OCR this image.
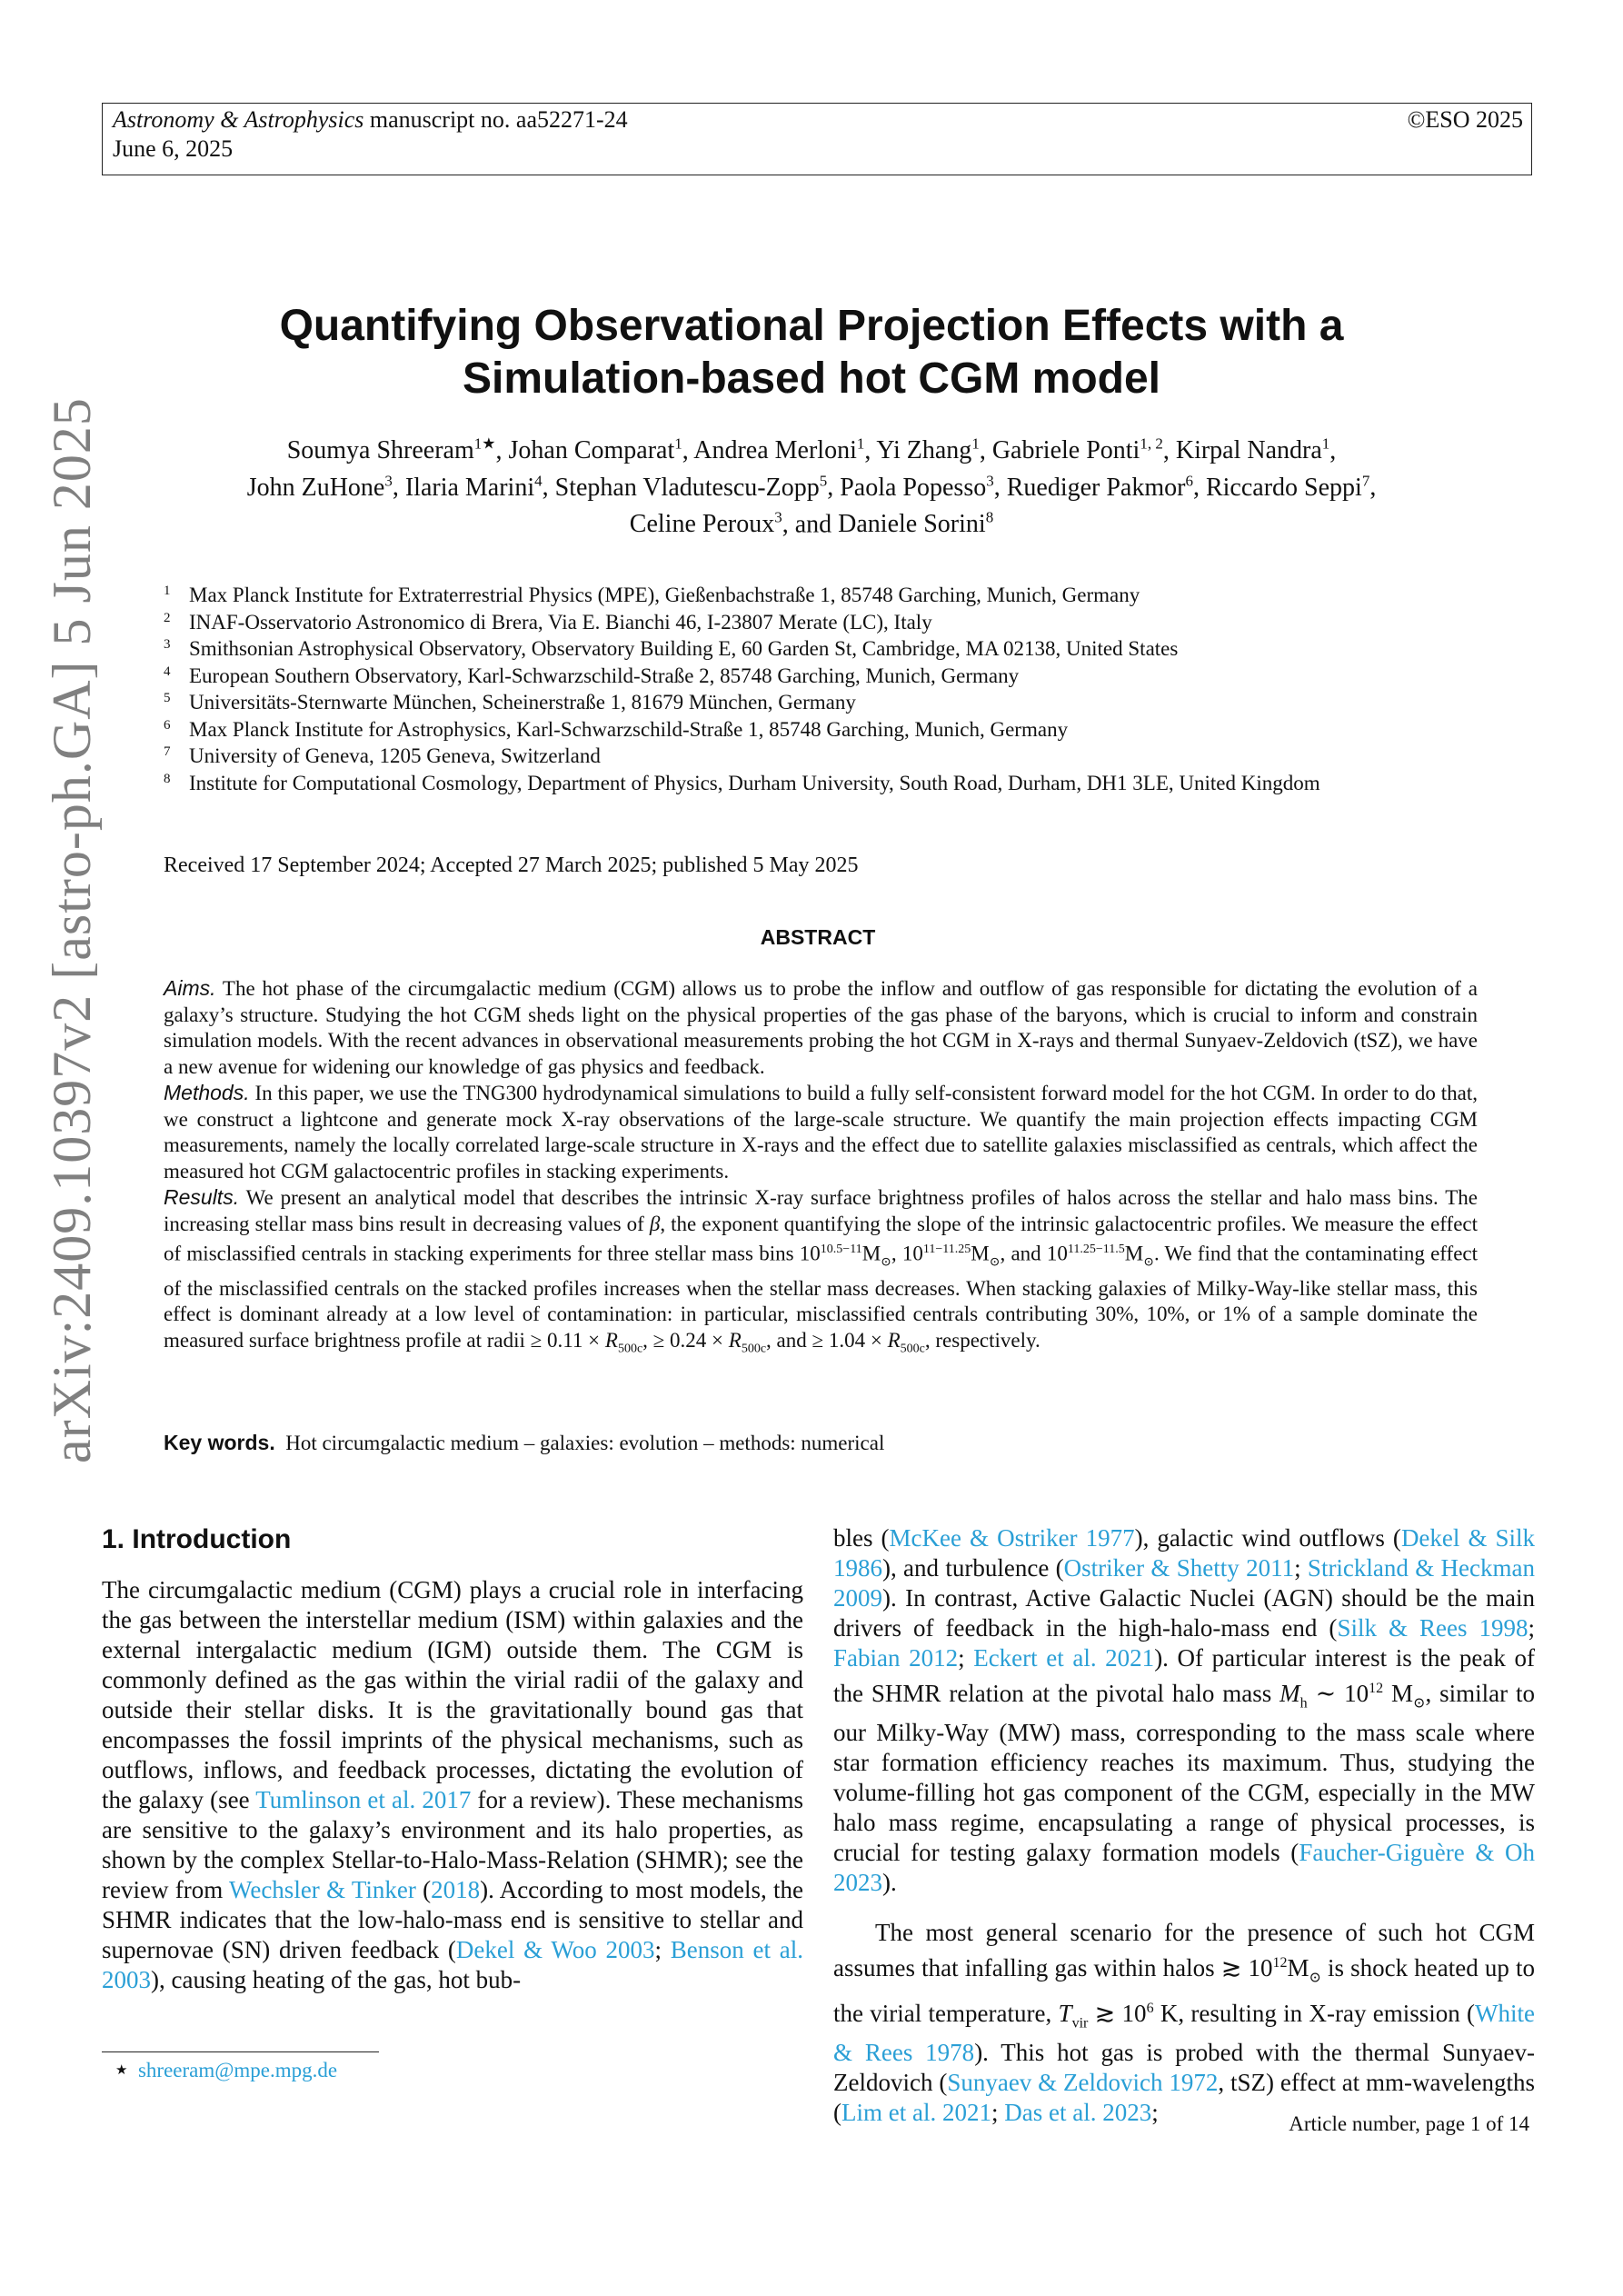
Astronomy & Astrophysics manuscript no. aa52271-24
June 6, 2025
©ESO 2025
arXiv:2409.10397v2 [astro-ph.GA] 5 Jun 2025
Quantifying Observational Projection Effects with a
Simulation-based hot CGM model
Soumya Shreeram$^{1★}$, Johan Comparat$^1$, Andrea Merloni$^1$, Yi Zhang$^1$, Gabriele Ponti$^{1, 2}$, Kirpal Nandra$^1$,
John ZuHone$^3$, Ilaria Marini$^4$, Stephan Vladutescu-Zopp$^5$, Paola Popesso$^3$, Ruediger Pakmor$^6$, Riccardo Seppi$^7$,
Celine Peroux$^3$, and Daniele Sorini$^8$
1 Max Planck Institute for Extraterrestrial Physics (MPE), Gießenbachstraße 1, 85748 Garching, Munich, Germany
2 INAF-Osservatorio Astronomico di Brera, Via E. Bianchi 46, I-23807 Merate (LC), Italy
3 Smithsonian Astrophysical Observatory, Observatory Building E, 60 Garden St, Cambridge, MA 02138, United States
4 European Southern Observatory, Karl-Schwarzschild-Straße 2, 85748 Garching, Munich, Germany
5 Universitäts-Sternwarte München, Scheinerstraße 1, 81679 München, Germany
6 Max Planck Institute for Astrophysics, Karl-Schwarzschild-Straße 1, 85748 Garching, Munich, Germany
7 University of Geneva, 1205 Geneva, Switzerland
8 Institute for Computational Cosmology, Department of Physics, Durham University, South Road, Durham, DH1 3LE, United Kingdom
Received 17 September 2024; Accepted 27 March 2025; published 5 May 2025
ABSTRACT

Aims. The hot phase of the circumgalactic medium (CGM) allows us to probe the inflow and outflow of gas responsible for dictating the evolution of a galaxy’s structure. Studying the hot CGM sheds light on the physical properties of the gas phase of the baryons, which is crucial to inform and constrain simulation models. With the recent advances in observational measurements probing the hot CGM in X-rays and thermal Sunyaev-Zeldovich (tSZ), we have a new avenue for widening our knowledge of gas physics and feedback.

Methods. In this paper, we use the TNG300 hydrodynamical simulations to build a fully self-consistent forward model for the hot CGM. In order to do that, we construct a lightcone and generate mock X-ray observations of the large-scale structure. We quantify the main projection effects impacting CGM measurements, namely the locally correlated large-scale structure in X-rays and the effect due to satellite galaxies misclassified as centrals, which affect the measured hot CGM galactocentric profiles in stacking experiments.

Results. We present an analytical model that describes the intrinsic X-ray surface brightness profiles of halos across the stellar and halo mass bins. The increasing stellar mass bins result in decreasing values of β, the exponent quantifying the slope of the intrinsic galactocentric profiles. We measure the effect of misclassified centrals in stacking experiments for three stellar mass bins $10^{10.5-11}M_⊙$, $10^{11-11.25}M_⊙$, and $10^{11.25-11.5}M_⊙$. We find that the contaminating effect of the misclassified centrals on the stacked profiles increases when the stellar mass decreases. When stacking galaxies of Milky-Way-like stellar mass, this effect is dominant already at a low level of contamination: in particular, misclassified centrals contributing 30%, 10%, or 1% of a sample dominate the measured surface brightness profile at radii ≥ $0.11 \times R_{500c}$, ≥ $0.24 \times R_{500c}$, and ≥ $1.04 \times R_{500c}$, respectively.

Key words.  Hot circumgalactic medium – galaxies: evolution – methods: numerical
1. Introduction

The circumgalactic medium (CGM) plays a crucial role in interfacing the gas between the interstellar medium (ISM) within galaxies and the external intergalactic medium (IGM) outside them. The CGM is commonly defined as the gas within the virial radii of the galaxy and outside their stellar disks. It is the gravitationally bound gas that encompasses the fossil imprints of the physical mechanisms, such as outflows, inflows, and feedback processes, dictating the evolution of the galaxy (see Tumlinson et al. 2017 for a review). These mechanisms are sensitive to the galaxy’s environment and its halo properties, as shown by the complex Stellar-to-Halo-Mass-Relation (SHMR); see the review from Wechsler & Tinker (2018). According to most models, the SHMR indicates that the low-halo-mass end is sensitive to stellar and supernovae (SN) driven feedback (Dekel & Woo 2003; Benson et al. 2003), causing heating of the gas, hot bub-

bles (McKee & Ostriker 1977), galactic wind outflows (Dekel & Silk 1986), and turbulence (Ostriker & Shetty 2011; Strickland & Heckman 2009). In contrast, Active Galactic Nuclei (AGN) should be the main drivers of feedback in the high-halo-mass end (Silk & Rees 1998; Fabian 2012; Eckert et al. 2021). Of particular interest is the peak of the SHMR relation at the pivotal halo mass $M_h$ ∼ $10^{12}$ $M_⊙$, similar to our Milky-Way (MW) mass, corresponding to the mass scale where star formation efficiency reaches its maximum. Thus, studying the volume-filling hot gas component of the CGM, especially in the MW halo mass regime, encapsulating a range of physical processes, is crucial for testing galaxy formation models (Faucher-Giguère & Oh 2023).

The most general scenario for the presence of such hot CGM assumes that infalling gas within halos ≳ $10^{12}M_⊙$ is shock heated up to the virial temperature, $T_{vir}$ ≳ $10^6$ K, resulting in X-ray emission (White & Rees 1978). This hot gas is probed with the thermal Sunyaev-Zeldovich (Sunyaev & Zeldovich 1972, tSZ) effect at mm-wavelengths (Lim et al. 2021; Das et al. 2023;

★ shreeram@mpe.mpg.de
Article number, page 1 of 14
